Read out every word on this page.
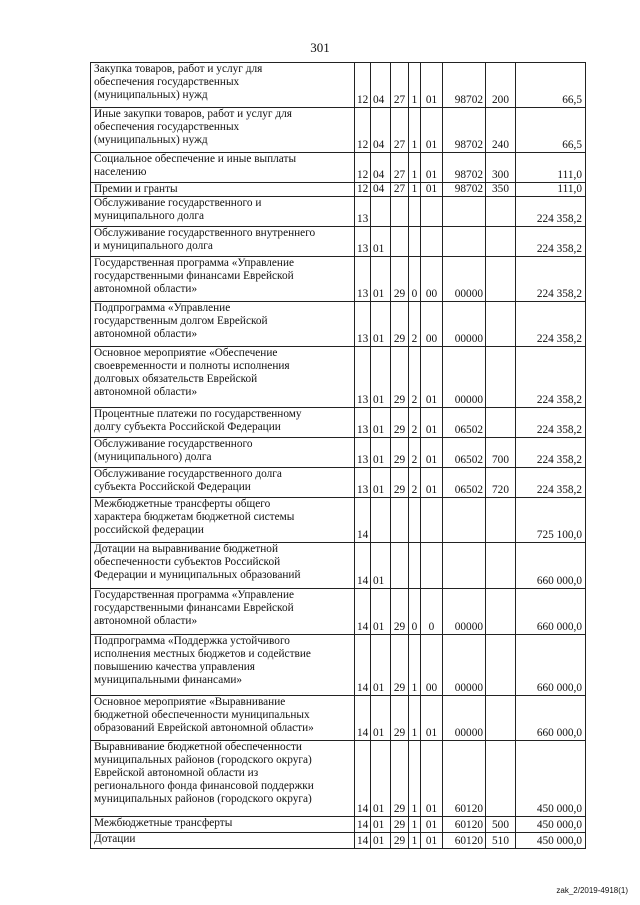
301
Закупка товаров, работ и услуг для
обеспечения государственных
(муниципальных) нужд	12	04	27	1	01	98702	200	66,5
Иные закупки товаров, работ и услуг для
обеспечения государственных
(муниципальных) нужд	12	04	27	1	01	98702	240	66,5
Социальное обеспечение и иные выплаты
населению	12	04	27	1	01	98702	300	111,0
Премии и гранты	12	04	27	1	01	98702	350	111,0
Обслуживание государственного и
муниципального долга	13							224 358,2
Обслуживание государственного внутреннего
и муниципального долга	13	01						224 358,2
Государственная программа «Управление
государственными финансами Еврейской
автономной области»	13	01	29	0	00	00000		224 358,2
Подпрограмма «Управление
государственным долгом Еврейской
автономной области»	13	01	29	2	00	00000		224 358,2
Основное мероприятие «Обеспечение
своевременности и полноты исполнения
долговых обязательств Еврейской
автономной области»	13	01	29	2	01	00000		224 358,2
Процентные платежи по государственному
долгу субъекта Российской Федерации	13	01	29	2	01	06502		224 358,2
Обслуживание государственного
(муниципального) долга	13	01	29	2	01	06502	700	224 358,2
Обслуживание государственного долга
субъекта Российской Федерации	13	01	29	2	01	06502	720	224 358,2
Межбюджетные трансферты общего
характера бюджетам бюджетной системы
российской федерации	14							725 100,0
Дотации на выравнивание бюджетной
обеспеченности субъектов Российской
Федерации и муниципальных образований	14	01						660 000,0
Государственная программа «Управление
государственными финансами Еврейской
автономной области»	14	01	29	0	0	00000		660 000,0
Подпрограмма «Поддержка устойчивого
исполнения местных бюджетов и содействие
повышению качества управления
муниципальными финансами»	14	01	29	1	00	00000		660 000,0
Основное мероприятие «Выравнивание
бюджетной обеспеченности муниципальных
образований Еврейской автономной области»	14	01	29	1	01	00000		660 000,0
Выравнивание бюджетной обеспеченности
муниципальных районов (городского округа)
Еврейской автономной области из
регионального фонда финансовой поддержки
муниципальных районов (городского округа)	14	01	29	1	01	60120		450 000,0
Межбюджетные трансферты	14	01	29	1	01	60120	500	450 000,0
Дотации	14	01	29	1	01	60120	510	450 000,0
zak_2/2019-4918(1)
